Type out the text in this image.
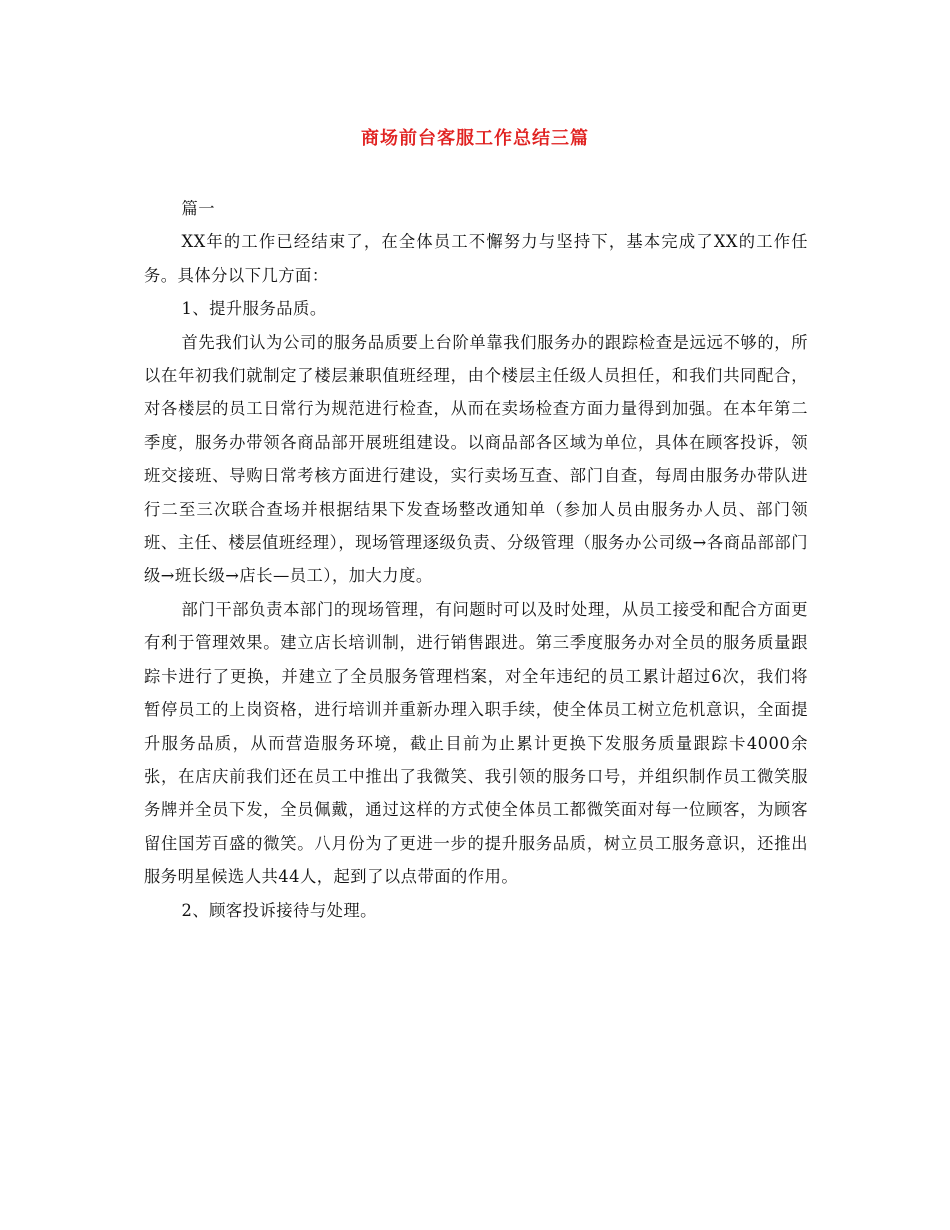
商场前台客服工作总结三篇

篇一

XX年的工作已经结束了，在全体员工不懈努力与坚持下，基本完成了XX的工作任务。具体分以下几方面：

1、提升服务品质。

首先我们认为公司的服务品质要上台阶单靠我们服务办的跟踪检查是远远不够的，所以在年初我们就制定了楼层兼职值班经理，由个楼层主任级人员担任，和我们共同配合，对各楼层的员工日常行为规范进行检查，从而在卖场检查方面力量得到加强。在本年第二季度，服务办带领各商品部开展班组建设。以商品部各区域为单位，具体在顾客投诉，领班交接班、导购日常考核方面进行建设，实行卖场互查、部门自查，每周由服务办带队进行二至三次联合查场并根据结果下发查场整改通知单（参加人员由服务办人员、部门领班、主任、楼层值班经理），现场管理逐级负责、分级管理（服务办公司级→各商品部部门级→班长级→店长—员工），加大力度。

部门干部负责本部门的现场管理，有问题时可以及时处理，从员工接受和配合方面更有利于管理效果。建立店长培训制，进行销售跟进。第三季度服务办对全员的服务质量跟踪卡进行了更换，并建立了全员服务管理档案，对全年违纪的员工累计超过6次，我们将暂停员工的上岗资格，进行培训并重新办理入职手续，使全体员工树立危机意识，全面提升服务品质，从而营造服务环境，截止目前为止累计更换下发服务质量跟踪卡4000余张，在店庆前我们还在员工中推出了我微笑、我引领的服务口号，并组织制作员工微笑服务牌并全员下发，全员佩戴，通过这样的方式使全体员工都微笑面对每一位顾客，为顾客留住国芳百盛的微笑。八月份为了更进一步的提升服务品质，树立员工服务意识，还推出服务明星候选人共44人，起到了以点带面的作用。

2、顾客投诉接待与处理。
